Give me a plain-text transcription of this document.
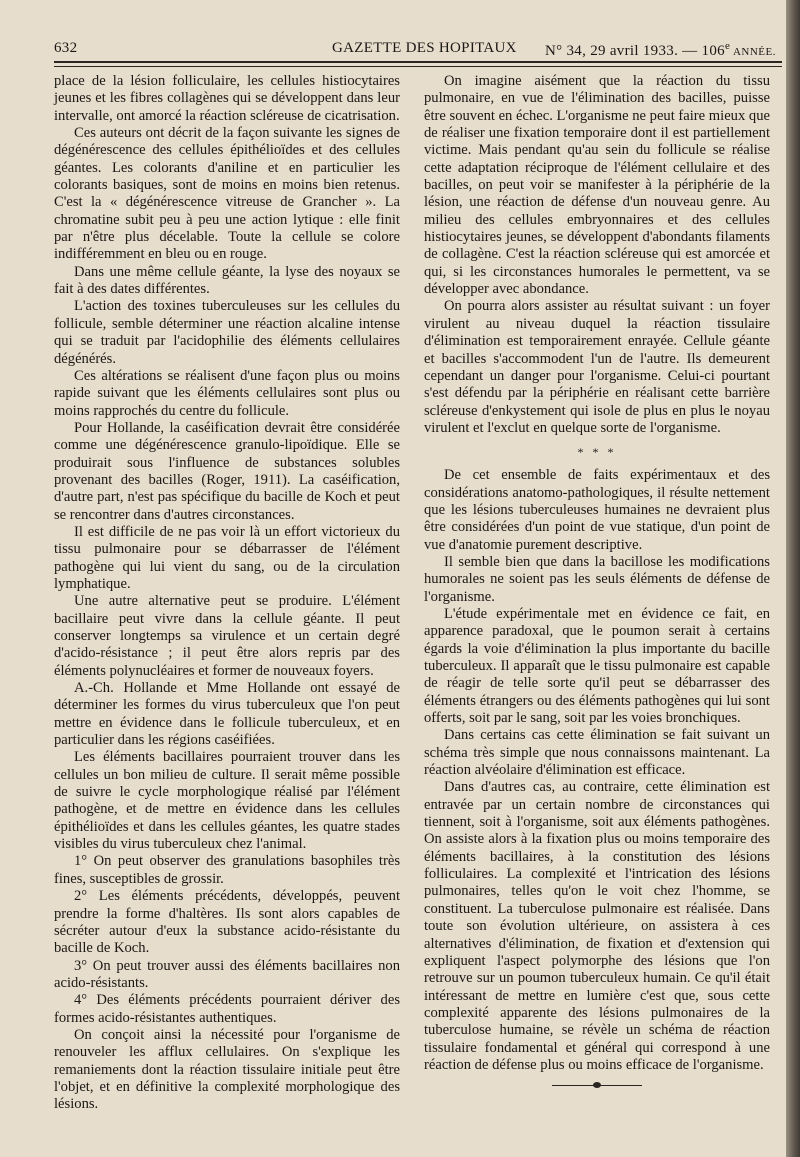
632	GAZETTE DES HOPITAUX N° 34, 29 avril 1933. — 106e ANNÉE.

place de la lésion folliculaire, les cellules histiocytaires jeunes et les fibres collagènes qui se développent dans leur intervalle, ont amorcé la réaction scléreuse de cicatrisation.

Ces auteurs ont décrit de la façon suivante les signes de dégénérescence des cellules épithélioïdes et des cellules géantes. Les colorants d'aniline et en particulier les colorants basiques, sont de moins en moins bien retenus. C'est la « dégénérescence vitreuse de Grancher ». La chromatine subit peu à peu une action lytique : elle finit par n'être plus décelable. Toute la cellule se colore indifféremment en bleu ou en rouge.

Dans une même cellule géante, la lyse des noyaux se fait à des dates différentes.

L'action des toxines tuberculeuses sur les cellules du follicule, semble déterminer une réaction alcaline intense qui se traduit par l'acidophilie des éléments cellulaires dégénérés.

Ces altérations se réalisent d'une façon plus ou moins rapide suivant que les éléments cellulaires sont plus ou moins rapprochés du centre du follicule.

Pour Hollande, la caséification devrait être considérée comme une dégénérescence granulo-lipoïdique. Elle se produirait sous l'influence de substances solubles provenant des bacilles (Roger, 1911). La caséification, d'autre part, n'est pas spécifique du bacille de Koch et peut se rencontrer dans d'autres circonstances.

Il est difficile de ne pas voir là un effort victorieux du tissu pulmonaire pour se débarrasser de l'élément pathogène qui lui vient du sang, ou de la circulation lymphatique.

Une autre alternative peut se produire. L'élément bacillaire peut vivre dans la cellule géante. Il peut conserver longtemps sa virulence et un certain degré d'acido-résistance ; il peut être alors repris par des éléments polynucléaires et former de nouveaux foyers.

A.-Ch. Hollande et Mme Hollande ont essayé de déterminer les formes du virus tuberculeux que l'on peut mettre en évidence dans le follicule tuberculeux, et en particulier dans les régions caséifiées.

Les éléments bacillaires pourraient trouver dans les cellules un bon milieu de culture. Il serait même possible de suivre le cycle morphologique réalisé par l'élément pathogène, et de mettre en évidence dans les cellules épithélioïdes et dans les cellules géantes, les quatre stades visibles du virus tuberculeux chez l'animal.

1° On peut observer des granulations basophiles très fines, susceptibles de grossir.

2° Les éléments précédents, développés, peuvent prendre la forme d'haltères. Ils sont alors capables de sécréter autour d'eux la substance acido-résistante du bacille de Koch.

3° On peut trouver aussi des éléments bacillaires non acido-résistants.

4° Des éléments précédents pourraient dériver des formes acido-résistantes authentiques.

On conçoit ainsi la nécessité pour l'organisme de renouveler les afflux cellulaires. On s'explique les remaniements dont la réaction tissulaire initiale peut être l'objet, et en définitive la complexité morphologique des lésions.

On imagine aisément que la réaction du tissu pulmonaire, en vue de l'élimination des bacilles, puisse être souvent en échec. L'organisme ne peut faire mieux que de réaliser une fixation temporaire dont il est partiellement victime. Mais pendant qu'au sein du follicule se réalise cette adaptation réciproque de l'élément cellulaire et des bacilles, on peut voir se manifester à la périphérie de la lésion, une réaction de défense d'un nouveau genre. Au milieu des cellules embryonnaires et des cellules histiocytaires jeunes, se développent d'abondants filaments de collagène. C'est la réaction scléreuse qui est amorcée et qui, si les circonstances humorales le permettent, va se développer avec abondance.

On pourra alors assister au résultat suivant : un foyer virulent au niveau duquel la réaction tissulaire d'élimination est temporairement enrayée. Cellule géante et bacilles s'accommodent l'un de l'autre. Ils demeurent cependant un danger pour l'organisme. Celui-ci pourtant s'est défendu par la périphérie en réalisant cette barrière scléreuse d'enkystement qui isole de plus en plus le noyau virulent et l'exclut en quelque sorte de l'organisme.

* * *

De cet ensemble de faits expérimentaux et des considérations anatomo-pathologiques, il résulte nettement que les lésions tuberculeuses humaines ne devraient plus être considérées d'un point de vue statique, d'un point de vue d'anatomie purement descriptive.

Il semble bien que dans la bacillose les modifications humorales ne soient pas les seuls éléments de défense de l'organisme.

L'étude expérimentale met en évidence ce fait, en apparence paradoxal, que le poumon serait à certains égards la voie d'élimination la plus importante du bacille tuberculeux. Il apparaît que le tissu pulmonaire est capable de réagir de telle sorte qu'il peut se débarrasser des éléments étrangers ou des éléments pathogènes qui lui sont offerts, soit par le sang, soit par les voies bronchiques.

Dans certains cas cette élimination se fait suivant un schéma très simple que nous connaissons maintenant. La réaction alvéolaire d'élimination est efficace.

Dans d'autres cas, au contraire, cette élimination est entravée par un certain nombre de circonstances qui tiennent, soit à l'organisme, soit aux éléments pathogènes. On assiste alors à la fixation plus ou moins temporaire des éléments bacillaires, à la constitution des lésions folliculaires. La complexité et l'intrication des lésions pulmonaires, telles qu'on le voit chez l'homme, se constituent. La tuberculose pulmonaire est réalisée. Dans toute son évolution ultérieure, on assistera à ces alternatives d'élimination, de fixation et d'extension qui expliquent l'aspect polymorphe des lésions que l'on retrouve sur un poumon tuberculeux humain. Ce qu'il était intéressant de mettre en lumière c'est que, sous cette complexité apparente des lésions pulmonaires de la tuberculose humaine, se révèle un schéma de réaction tissulaire fondamental et général qui correspond à une réaction de défense plus ou moins efficace de l'organisme.
